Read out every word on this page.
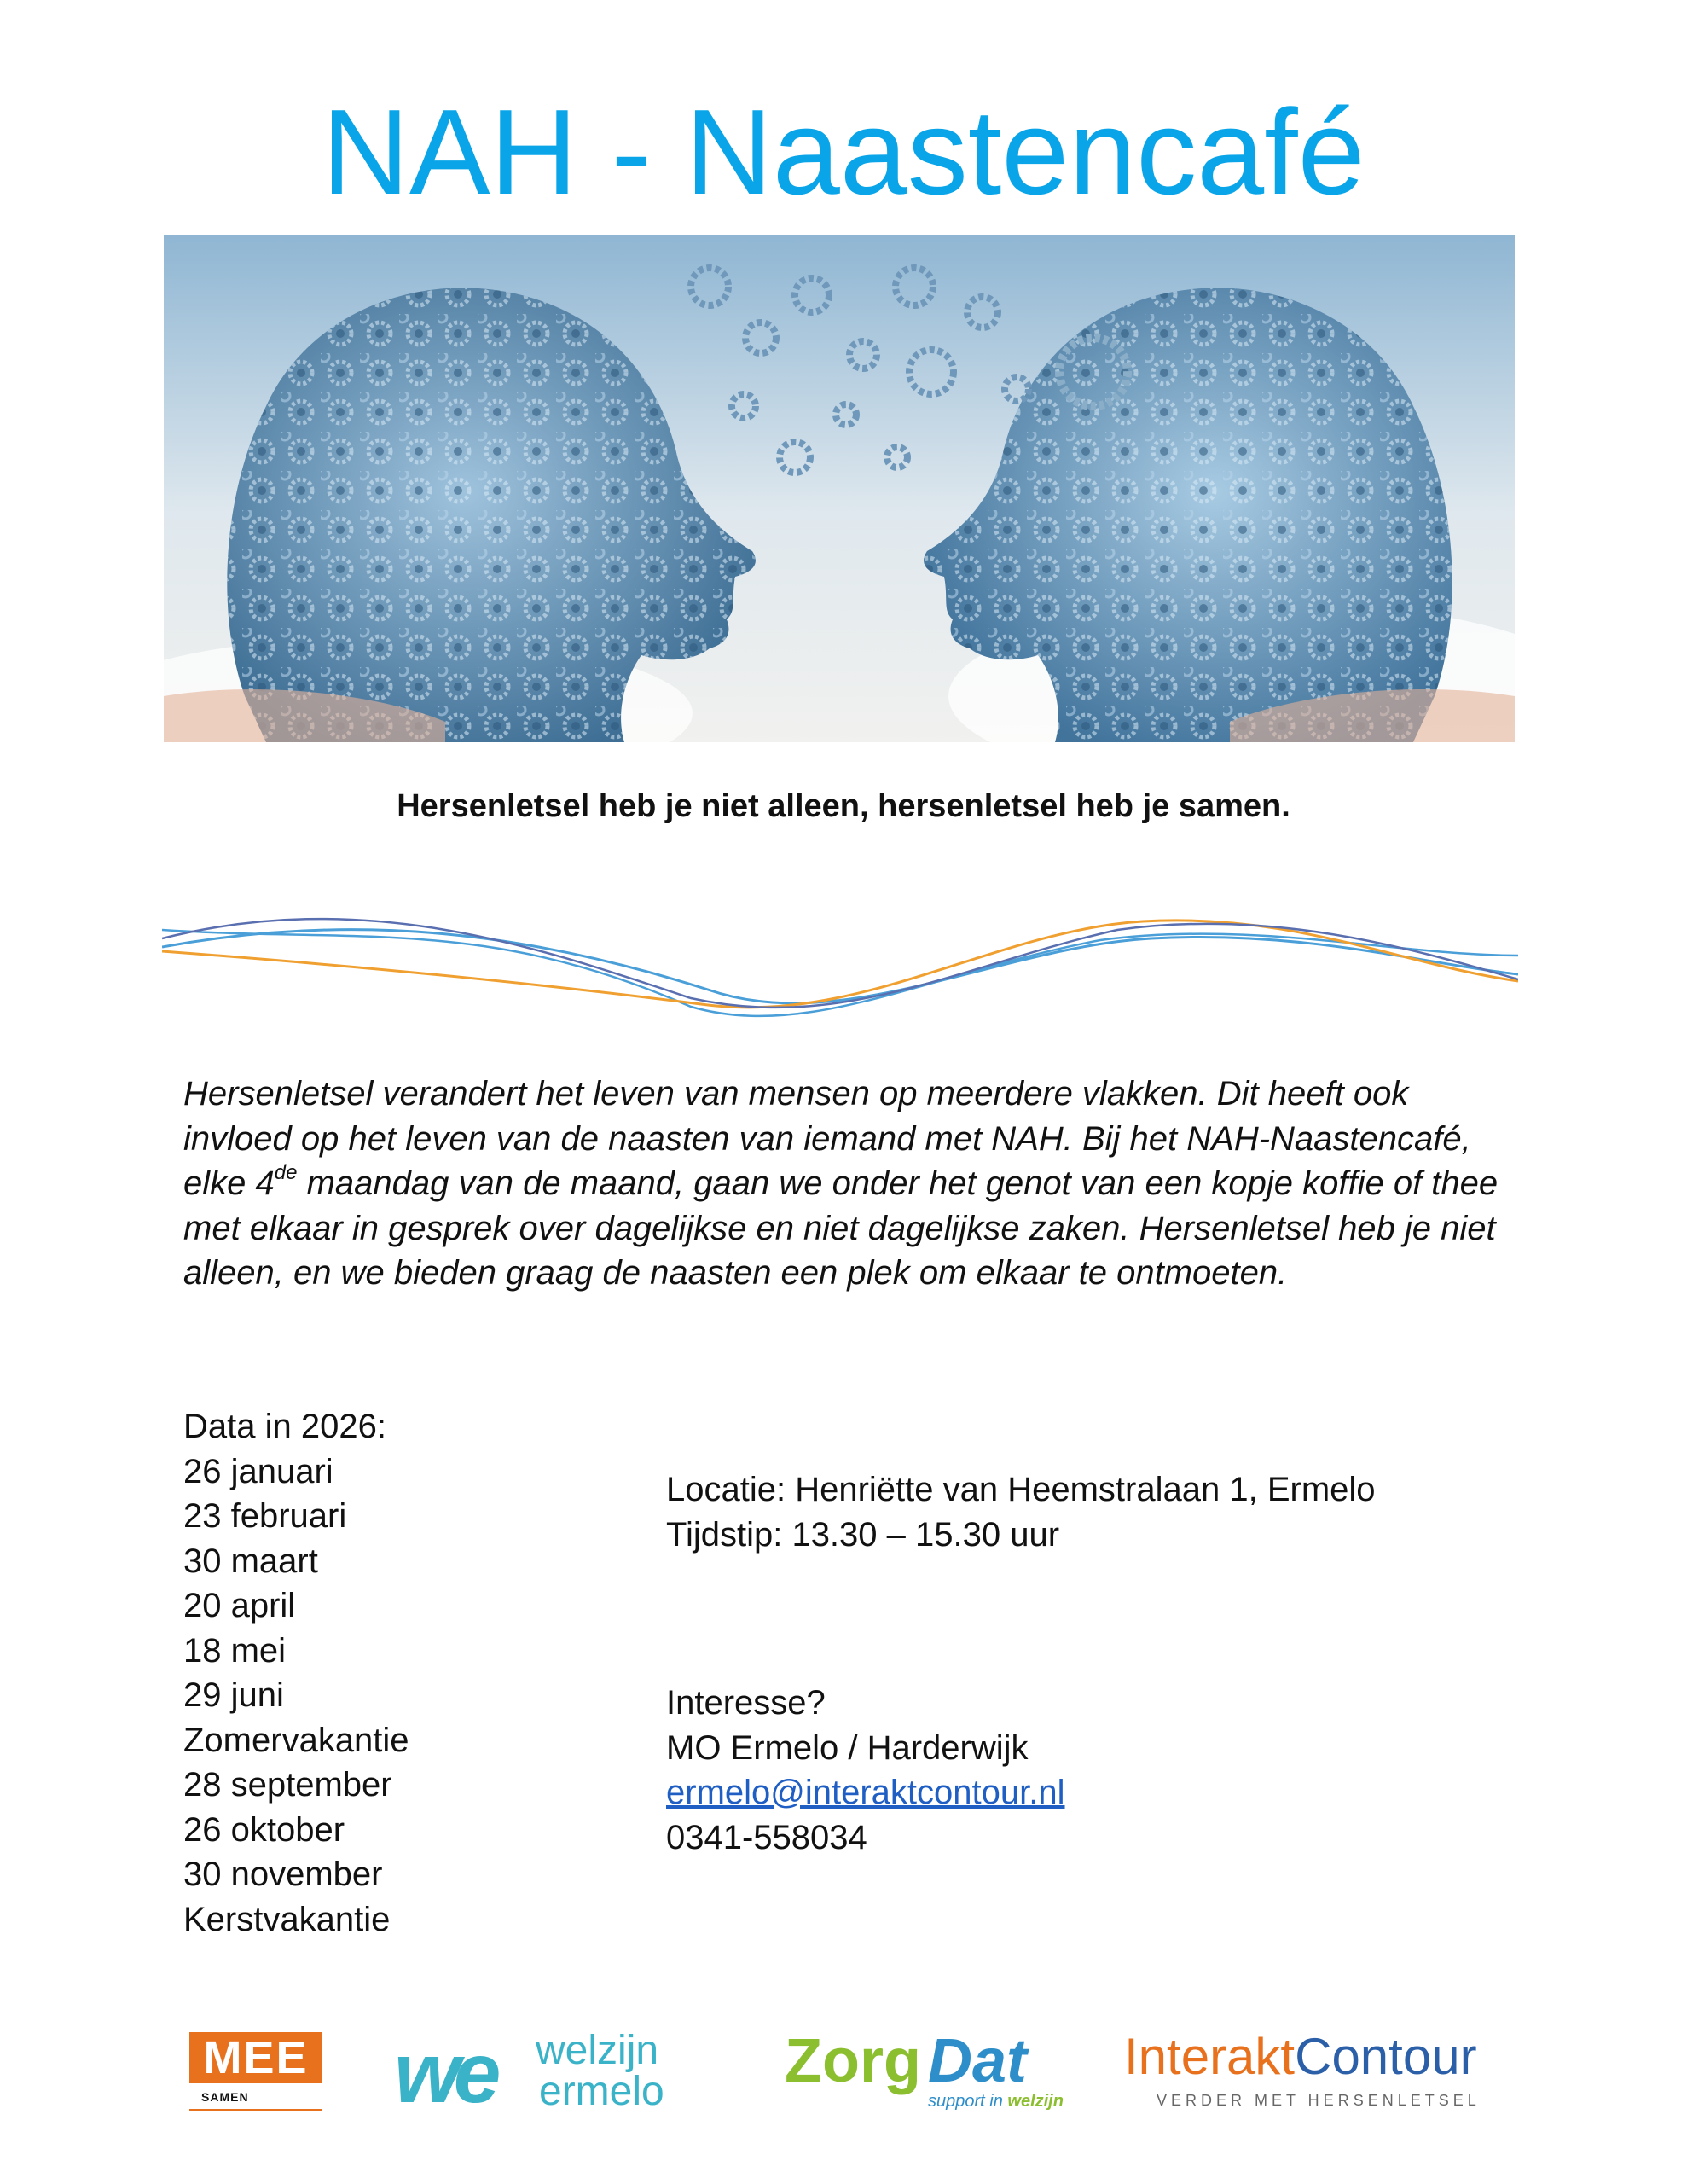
NAH - Naastencafé
Hersenletsel heb je niet alleen, hersenletsel heb je samen.

Hersenletsel verandert het leven van mensen op meerdere vlakken. Dit heeft ook invloed op het leven van de naasten van iemand met NAH. Bij het NAH-Naastencafé, elke 4de maandag van de maand, gaan we onder het genot van een kopje koffie of thee met elkaar in gesprek over dagelijkse en niet dagelijkse zaken. Hersenletsel heb je niet alleen, en we bieden graag de naasten een plek om elkaar te ontmoeten.

Data in 2026:
26 januari
23 februari
30 maart
20 april
18 mei
29 juni
Zomervakantie
28 september
26 oktober
30 november
Kerstvakantie
Locatie: Henriëtte van Heemstralaan 1, Ermelo
Tijdstip: 13.30 – 15.30 uur
Interesse?
MO Ermelo / Harderwijk
ermelo@interaktcontour.nl
0341-558034
MEE
SAMEN	we welzijn
ermelo Zorg Dat
support in welzijn
InteraktContour
VERDER MET HERSENLETSEL
